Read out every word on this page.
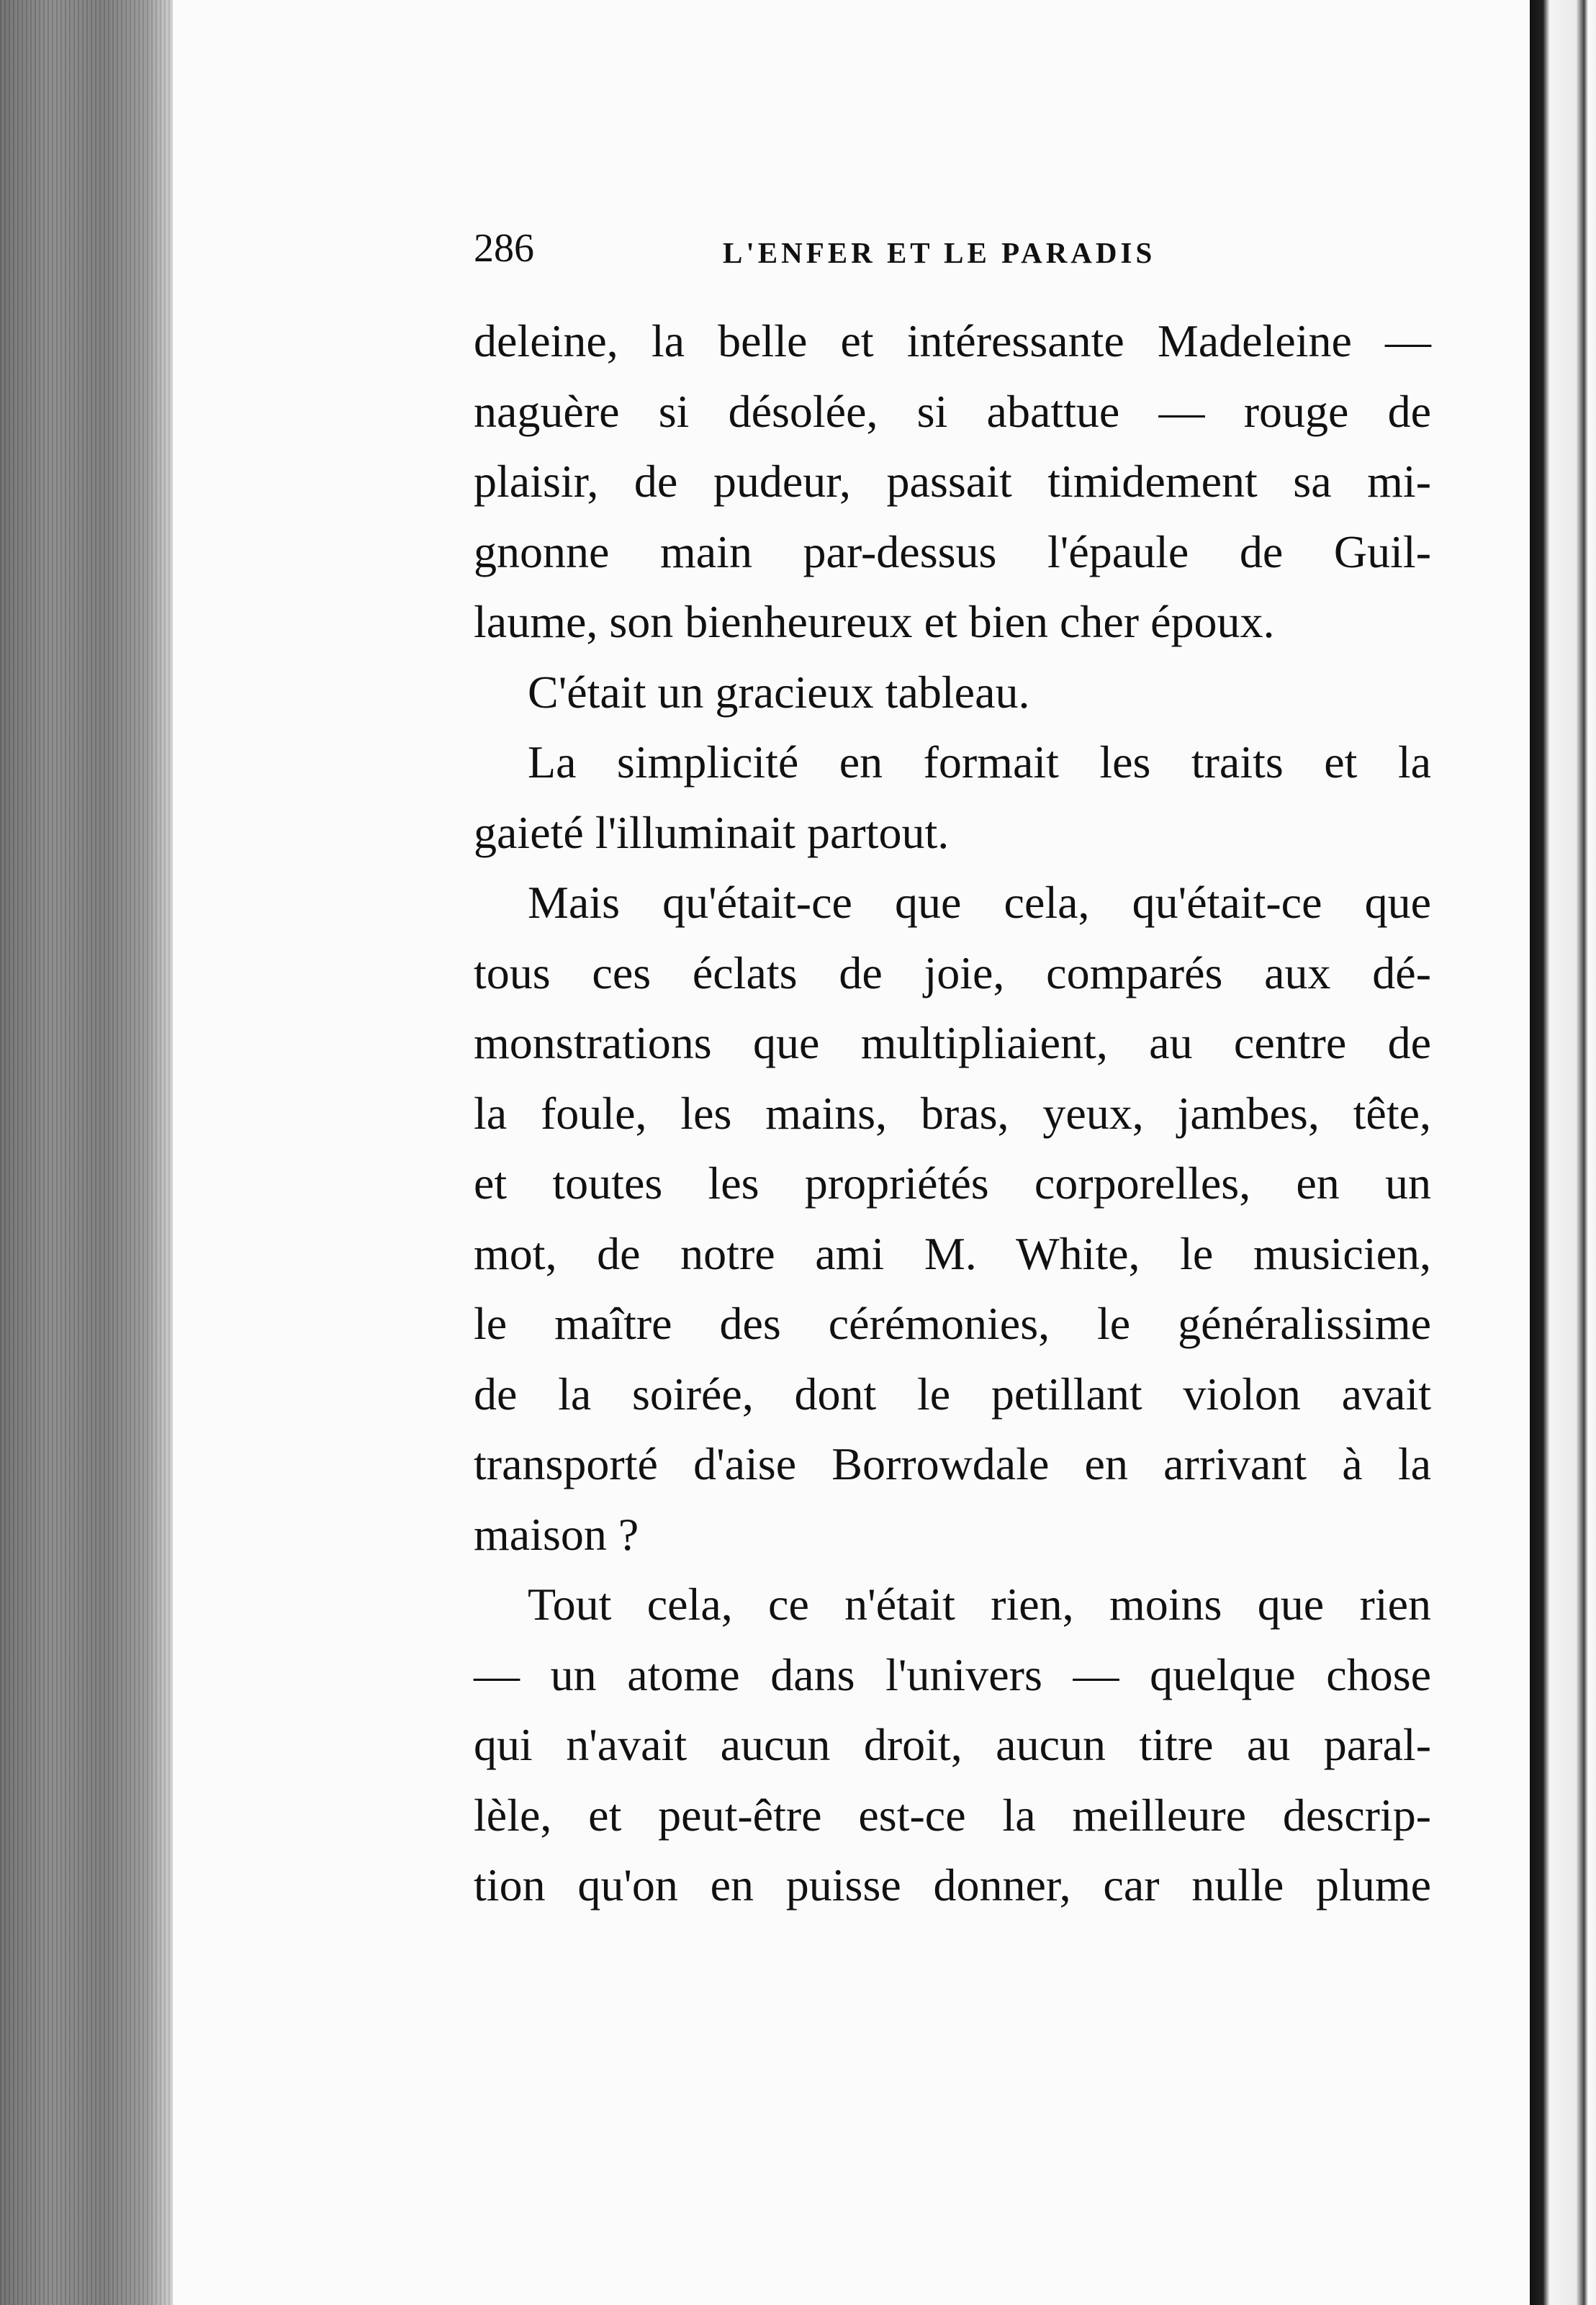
286	L'ENFER ET LE PARADIS
deleine, la belle et intéressante Madeleine —
naguère si désolée, si abattue — rouge de
plaisir, de pudeur, passait timidement sa mi-
gnonne main par-dessus l'épaule de Guil-
laume, son bienheureux et bien cher époux.
C'était un gracieux tableau.
La simplicité en formait les traits et la
gaieté l'illuminait partout.
Mais qu'était-ce que cela, qu'était-ce que
tous ces éclats de joie, comparés aux dé-
monstrations que multipliaient, au centre de
la foule, les mains, bras, yeux, jambes, tête,
et toutes les propriétés corporelles, en un
mot, de notre ami M. White, le musicien,
le maître des cérémonies, le généralissime
de la soirée, dont le petillant violon avait
transporté d'aise Borrowdale en arrivant à la
maison ?
Tout cela, ce n'était rien, moins que rien
— un atome dans l'univers — quelque chose
qui n'avait aucun droit, aucun titre au paral-
lèle, et peut-être est-ce la meilleure descrip-
tion qu'on en puisse donner, car nulle plume
